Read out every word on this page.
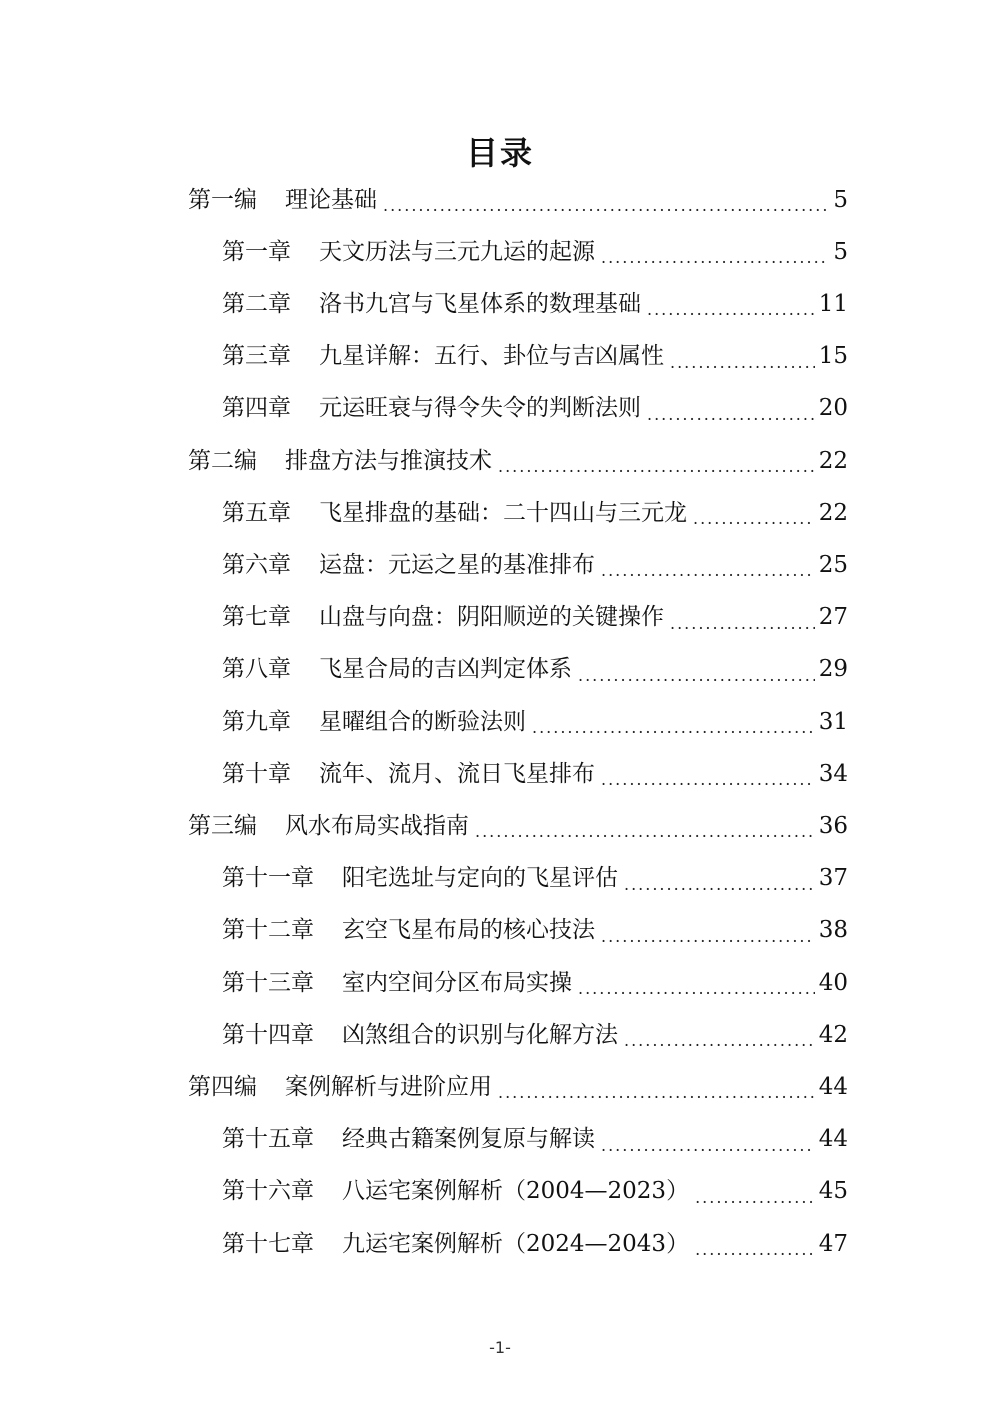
目录
第一编 理论基础 .....	5
第一章 天文历法与三元九运的起源 .....	5
第二章 洛书九宫与飞星体系的数理基础 .....	11
第三章 九星详解：五行、卦位与吉凶属性 .....	15
第四章 元运旺衰与得令失令的判断法则 .....	20
第二编 排盘方法与推演技术 .....	22
第五章 飞星排盘的基础：二十四山与三元龙 .....	22
第六章 运盘：元运之星的基准排布 .....	25
第七章 山盘与向盘：阴阳顺逆的关键操作 .....	27
第八章 飞星合局的吉凶判定体系 .....	29
第九章 星曜组合的断验法则 .....	31
第十章 流年、流月、流日飞星排布 .....	34
第三编 风水布局实战指南 .....	36
第十一章 阳宅选址与定向的飞星评估 .....	37
第十二章 玄空飞星布局的核心技法 .....	38
第十三章 室内空间分区布局实操 .....	40
第十四章 凶煞组合的识别与化解方法 .....	42
第四编 案例解析与进阶应用 .....	44
第十五章 经典古籍案例复原与解读 .....	44
第十六章 八运宅案例解析（2004—2023） .....	45
第十七章 九运宅案例解析（2024—2043） .....	47
-1-
